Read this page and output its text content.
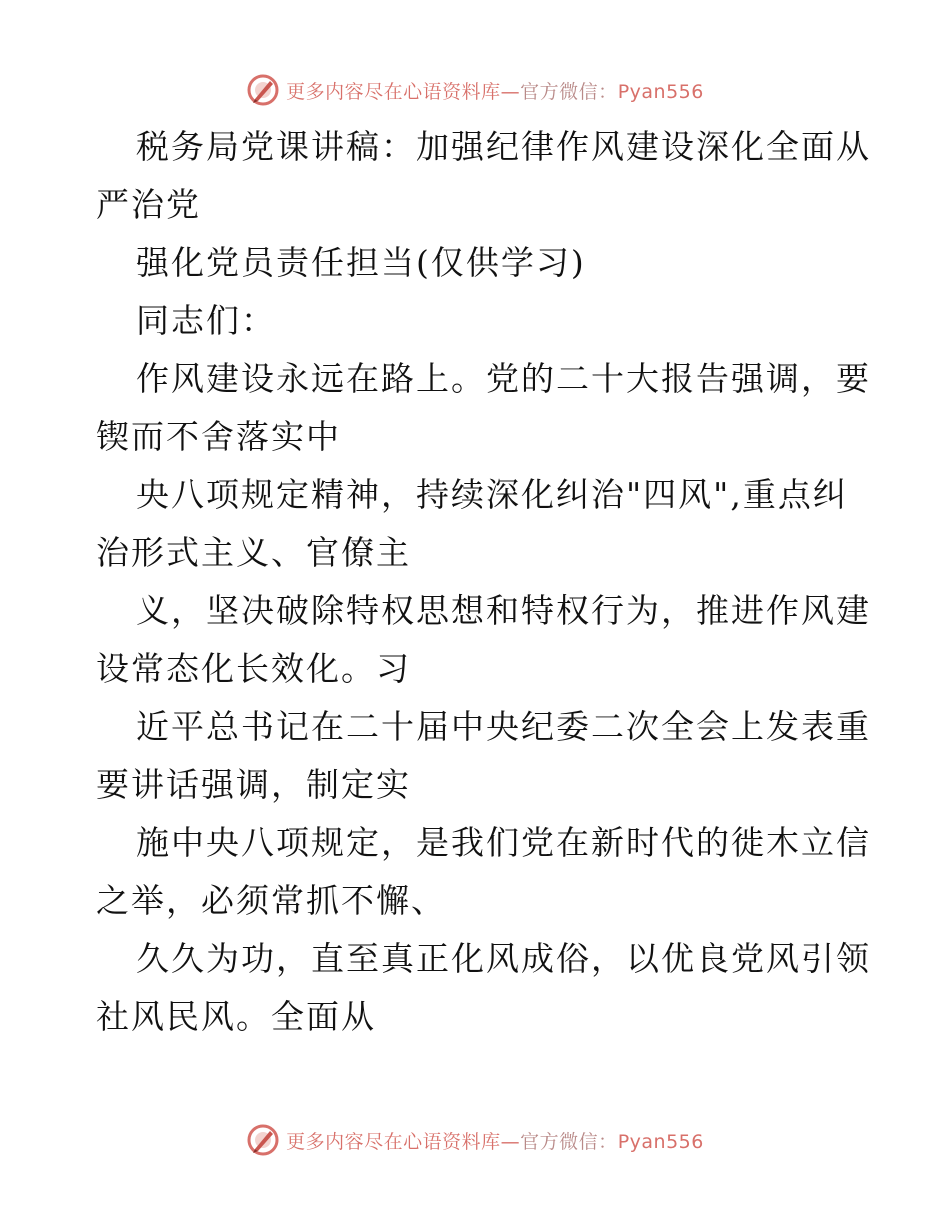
更多内容尽在心语资料库—官方微信：Pyan556
税务局党课讲稿：加强纪律作风建设深化全面从
严治党
强化党员责任担当(仅供学习)
同志们：
作风建设永远在路上。党的二十大报告强调，要
锲而不舍落实中
央八项规定精神，持续深化纠治"四风",重点纠
治形式主义、官僚主
义，坚决破除特权思想和特权行为，推进作风建
设常态化长效化。习
近平总书记在二十届中央纪委二次全会上发表重
要讲话强调，制定实
施中央八项规定，是我们党在新时代的徙木立信
之举，必须常抓不懈、
久久为功，直至真正化风成俗，以优良党风引领
社风民风。全面从
更多内容尽在心语资料库—官方微信：Pyan556
